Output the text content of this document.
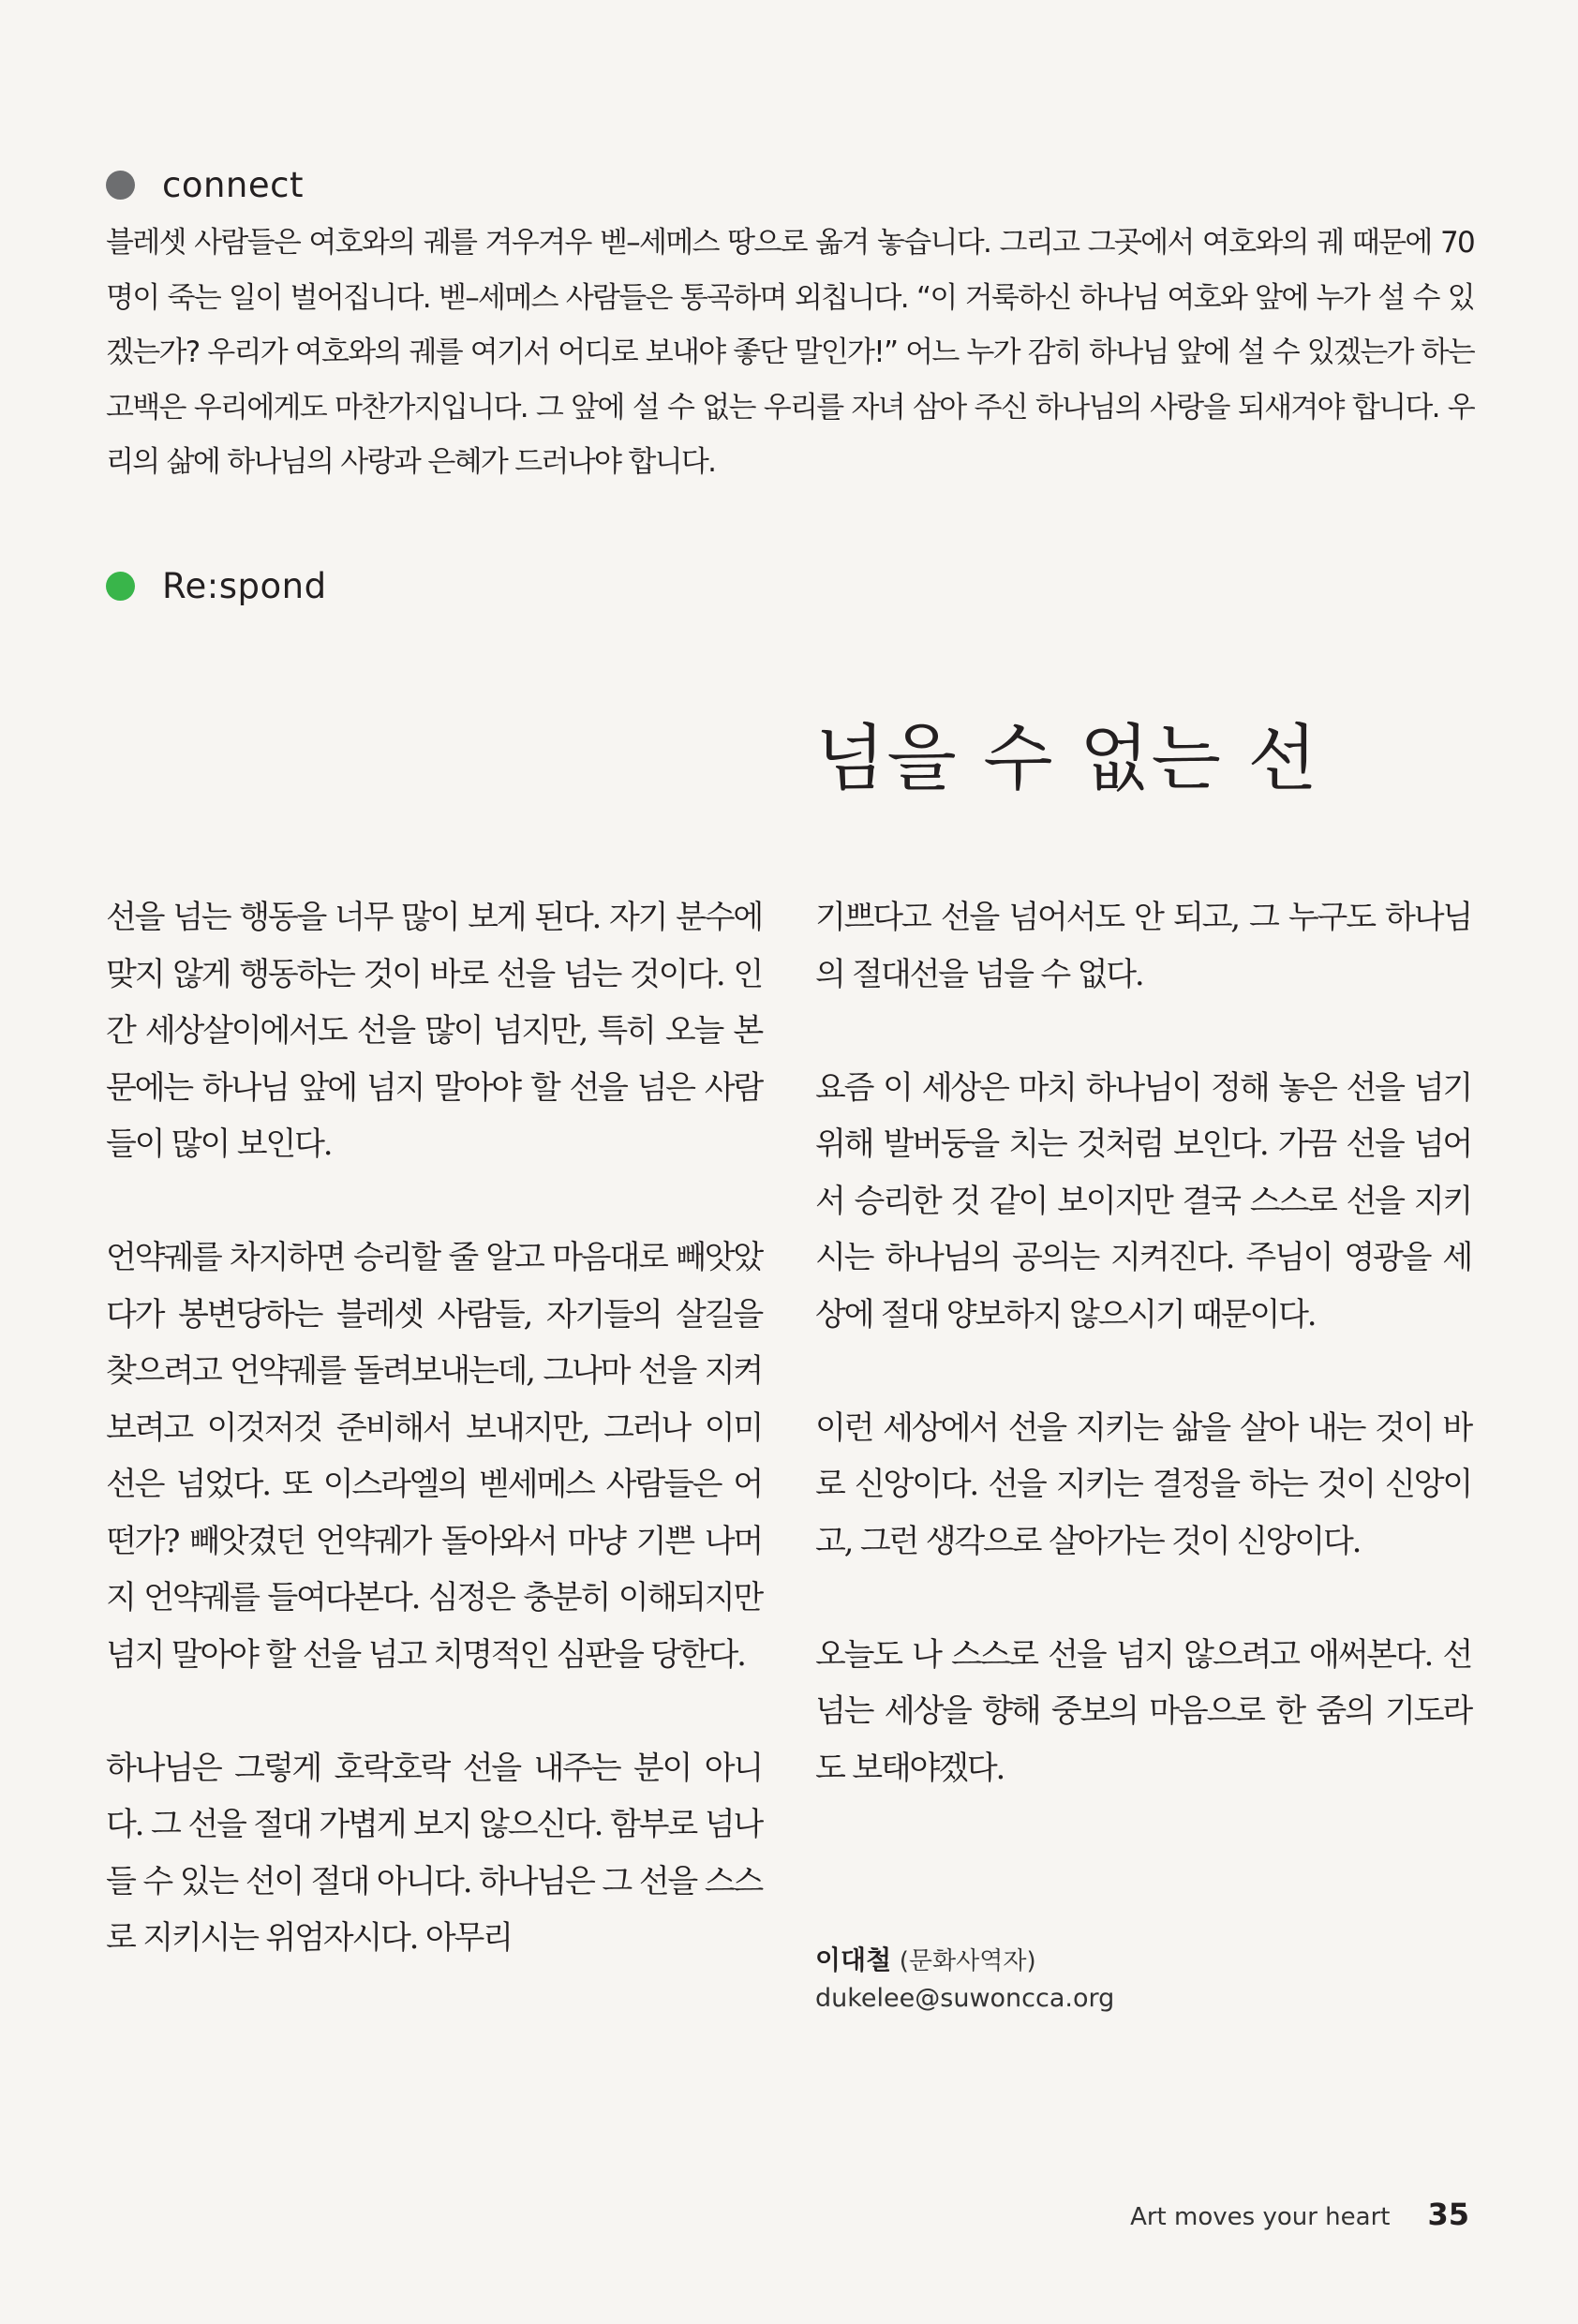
connect
블레셋 사람들은 여호와의 궤를 겨우겨우 벧–세메스 땅으로 옮겨 놓습니다. 그리고 그곳에서 여호와의 궤 때문에 70명이 죽는 일이 벌어집니다. 벧–세메스 사람들은 통곡하며 외칩니다. “이 거룩하신 하나님 여호와 앞에 누가 설 수 있겠는가? 우리가 여호와의 궤를 여기서 어디로 보내야 좋단 말인가!” 어느 누가 감히 하나님 앞에 설 수 있겠는가 하는 고백은 우리에게도 마찬가지입니다. 그 앞에 설 수 없는 우리를 자녀 삼아 주신 하나님의 사랑을 되새겨야 합니다. 우리의 삶에 하나님의 사랑과 은혜가 드러나야 합니다.
Re:spond
넘을 수 없는 선

선을 넘는 행동을 너무 많이 보게 된다. 자기 분수에 맞지 않게 행동하는 것이 바로 선을 넘는 것이다. 인간 세상살이에서도 선을 많이 넘지만, 특히 오늘 본문에는 하나님 앞에 넘지 말아야 할 선을 넘은 사람들이 많이 보인다.

언약궤를 차지하면 승리할 줄 알고 마음대로 빼앗았다가 봉변당하는 블레셋 사람들, 자기들의 살길을 찾으려고 언약궤를 돌려보내는데, 그나마 선을 지켜보려고 이것저것 준비해서 보내지만, 그러나 이미 선은 넘었다. 또 이스라엘의 벧세메스 사람들은 어떤가? 빼앗겼던 언약궤가 돌아와서 마냥 기쁜 나머지 언약궤를 들여다본다. 심정은 충분히 이해되지만 넘지 말아야 할 선을 넘고 치명적인 심판을 당한다.

하나님은 그렇게 호락호락 선을 내주는 분이 아니다. 그 선을 절대 가볍게 보지 않으신다. 함부로 넘나들 수 있는 선이 절대 아니다. 하나님은 그 선을 스스로 지키시는 위엄자시다. 아무리

기쁘다고 선을 넘어서도 안 되고, 그 누구도 하나님의 절대선을 넘을 수 없다.

요즘 이 세상은 마치 하나님이 정해 놓은 선을 넘기 위해 발버둥을 치는 것처럼 보인다. 가끔 선을 넘어서 승리한 것 같이 보이지만 결국 스스로 선을 지키시는 하나님의 공의는 지켜진다. 주님이 영광을 세상에 절대 양보하지 않으시기 때문이다.

이런 세상에서 선을 지키는 삶을 살아 내는 것이 바로 신앙이다. 선을 지키는 결정을 하는 것이 신앙이고, 그런 생각으로 살아가는 것이 신앙이다.

오늘도 나 스스로 선을 넘지 않으려고 애써본다. 선 넘는 세상을 향해 중보의 마음으로 한 줌의 기도라도 보태야겠다.

이대철 (문화사역자)
dukelee@suwoncca.org
Art moves your heart 35
